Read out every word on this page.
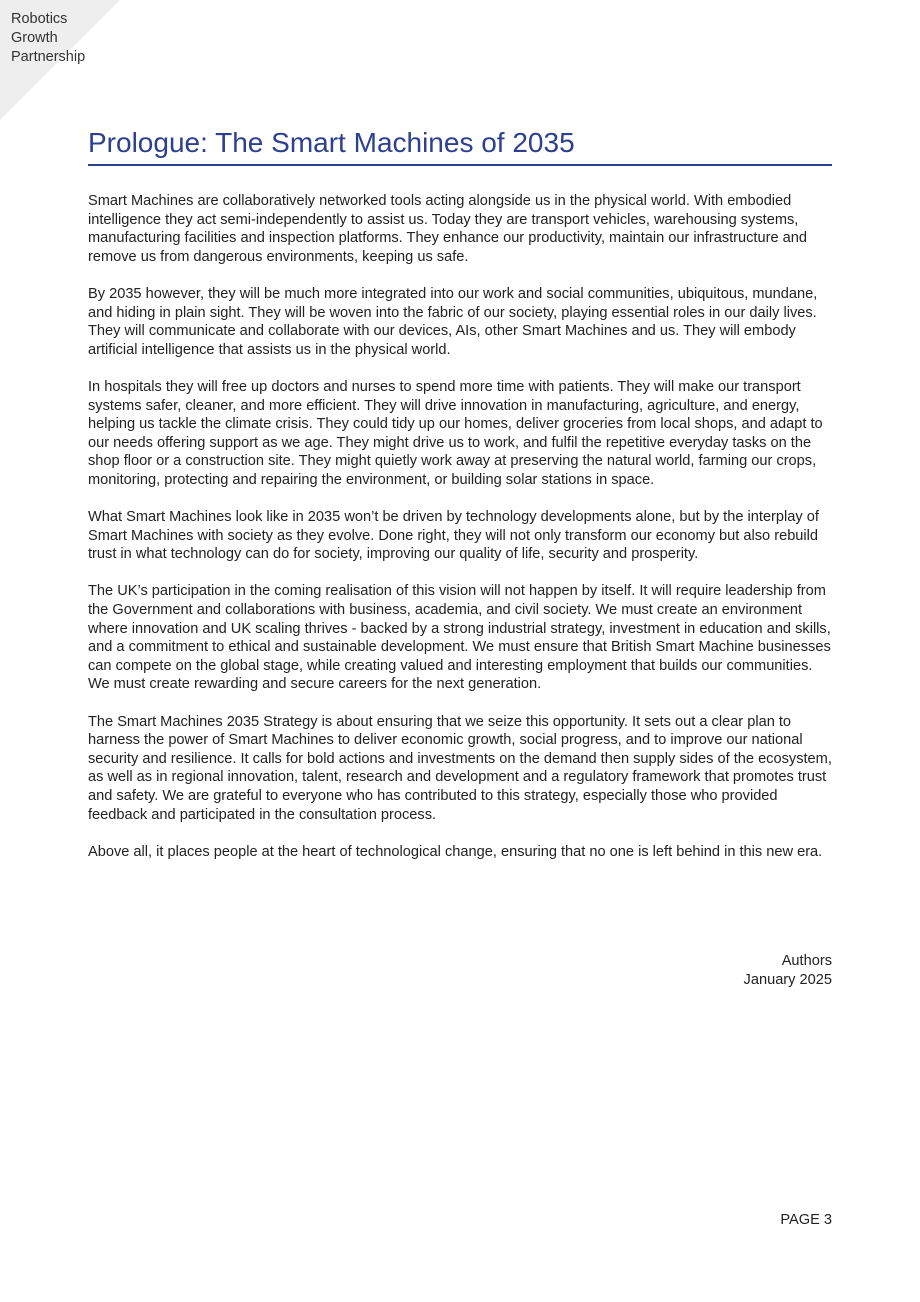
Robotics
Growth
Partnership
Prologue: The Smart Machines of 2035

Smart Machines are collaboratively networked tools acting alongside us in the physical world. With embodied intelligence they act semi-independently to assist us. Today they are transport vehicles, warehousing systems, manufacturing facilities and inspection platforms. They enhance our productivity, maintain our infrastructure and remove us from dangerous environments, keeping us safe.

By 2035 however, they will be much more integrated into our work and social communities, ubiquitous, mundane, and hiding in plain sight. They will be woven into the fabric of our society, playing essential roles in our daily lives. They will communicate and collaborate with our devices, AIs, other Smart Machines and us. They will embody artificial intelligence that assists us in the physical world.

In hospitals they will free up doctors and nurses to spend more time with patients. They will make our transport systems safer, cleaner, and more efficient. They will drive innovation in manufacturing, agriculture, and energy, helping us tackle the climate crisis. They could tidy up our homes, deliver groceries from local shops, and adapt to our needs offering support as we age. They might drive us to work, and fulfil the repetitive everyday tasks on the shop floor or a construction site. They might quietly work away at preserving the natural world, farming our crops, monitoring, protecting and repairing the environment, or building solar stations in space.

What Smart Machines look like in 2035 won’t be driven by technology developments alone, but by the interplay of Smart Machines with society as they evolve. Done right, they will not only transform our economy but also rebuild trust in what technology can do for society, improving our quality of life, security and prosperity.

The UK’s participation in the coming realisation of this vision will not happen by itself. It will require leadership from the Government and collaborations with business, academia, and civil society. We must create an environment where innovation and UK scaling thrives - backed by a strong industrial strategy, investment in education and skills, and a commitment to ethical and sustainable development. We must ensure that British Smart Machine businesses can compete on the global stage, while creating valued and interesting employment that builds our communities. We must create rewarding and secure careers for the next generation.

The Smart Machines 2035 Strategy is about ensuring that we seize this opportunity. It sets out a clear plan to harness the power of Smart Machines to deliver economic growth, social progress, and to improve our national security and resilience. It calls for bold actions and investments on the demand then supply sides of the ecosystem, as well as in regional innovation, talent, research and development and a regulatory framework that promotes trust and safety. We are grateful to everyone who has contributed to this strategy, especially those who provided feedback and participated in the consultation process.

Above all, it places people at the heart of technological change, ensuring that no one is left behind in this new era.

Authors
January 2025
PAGE 3
